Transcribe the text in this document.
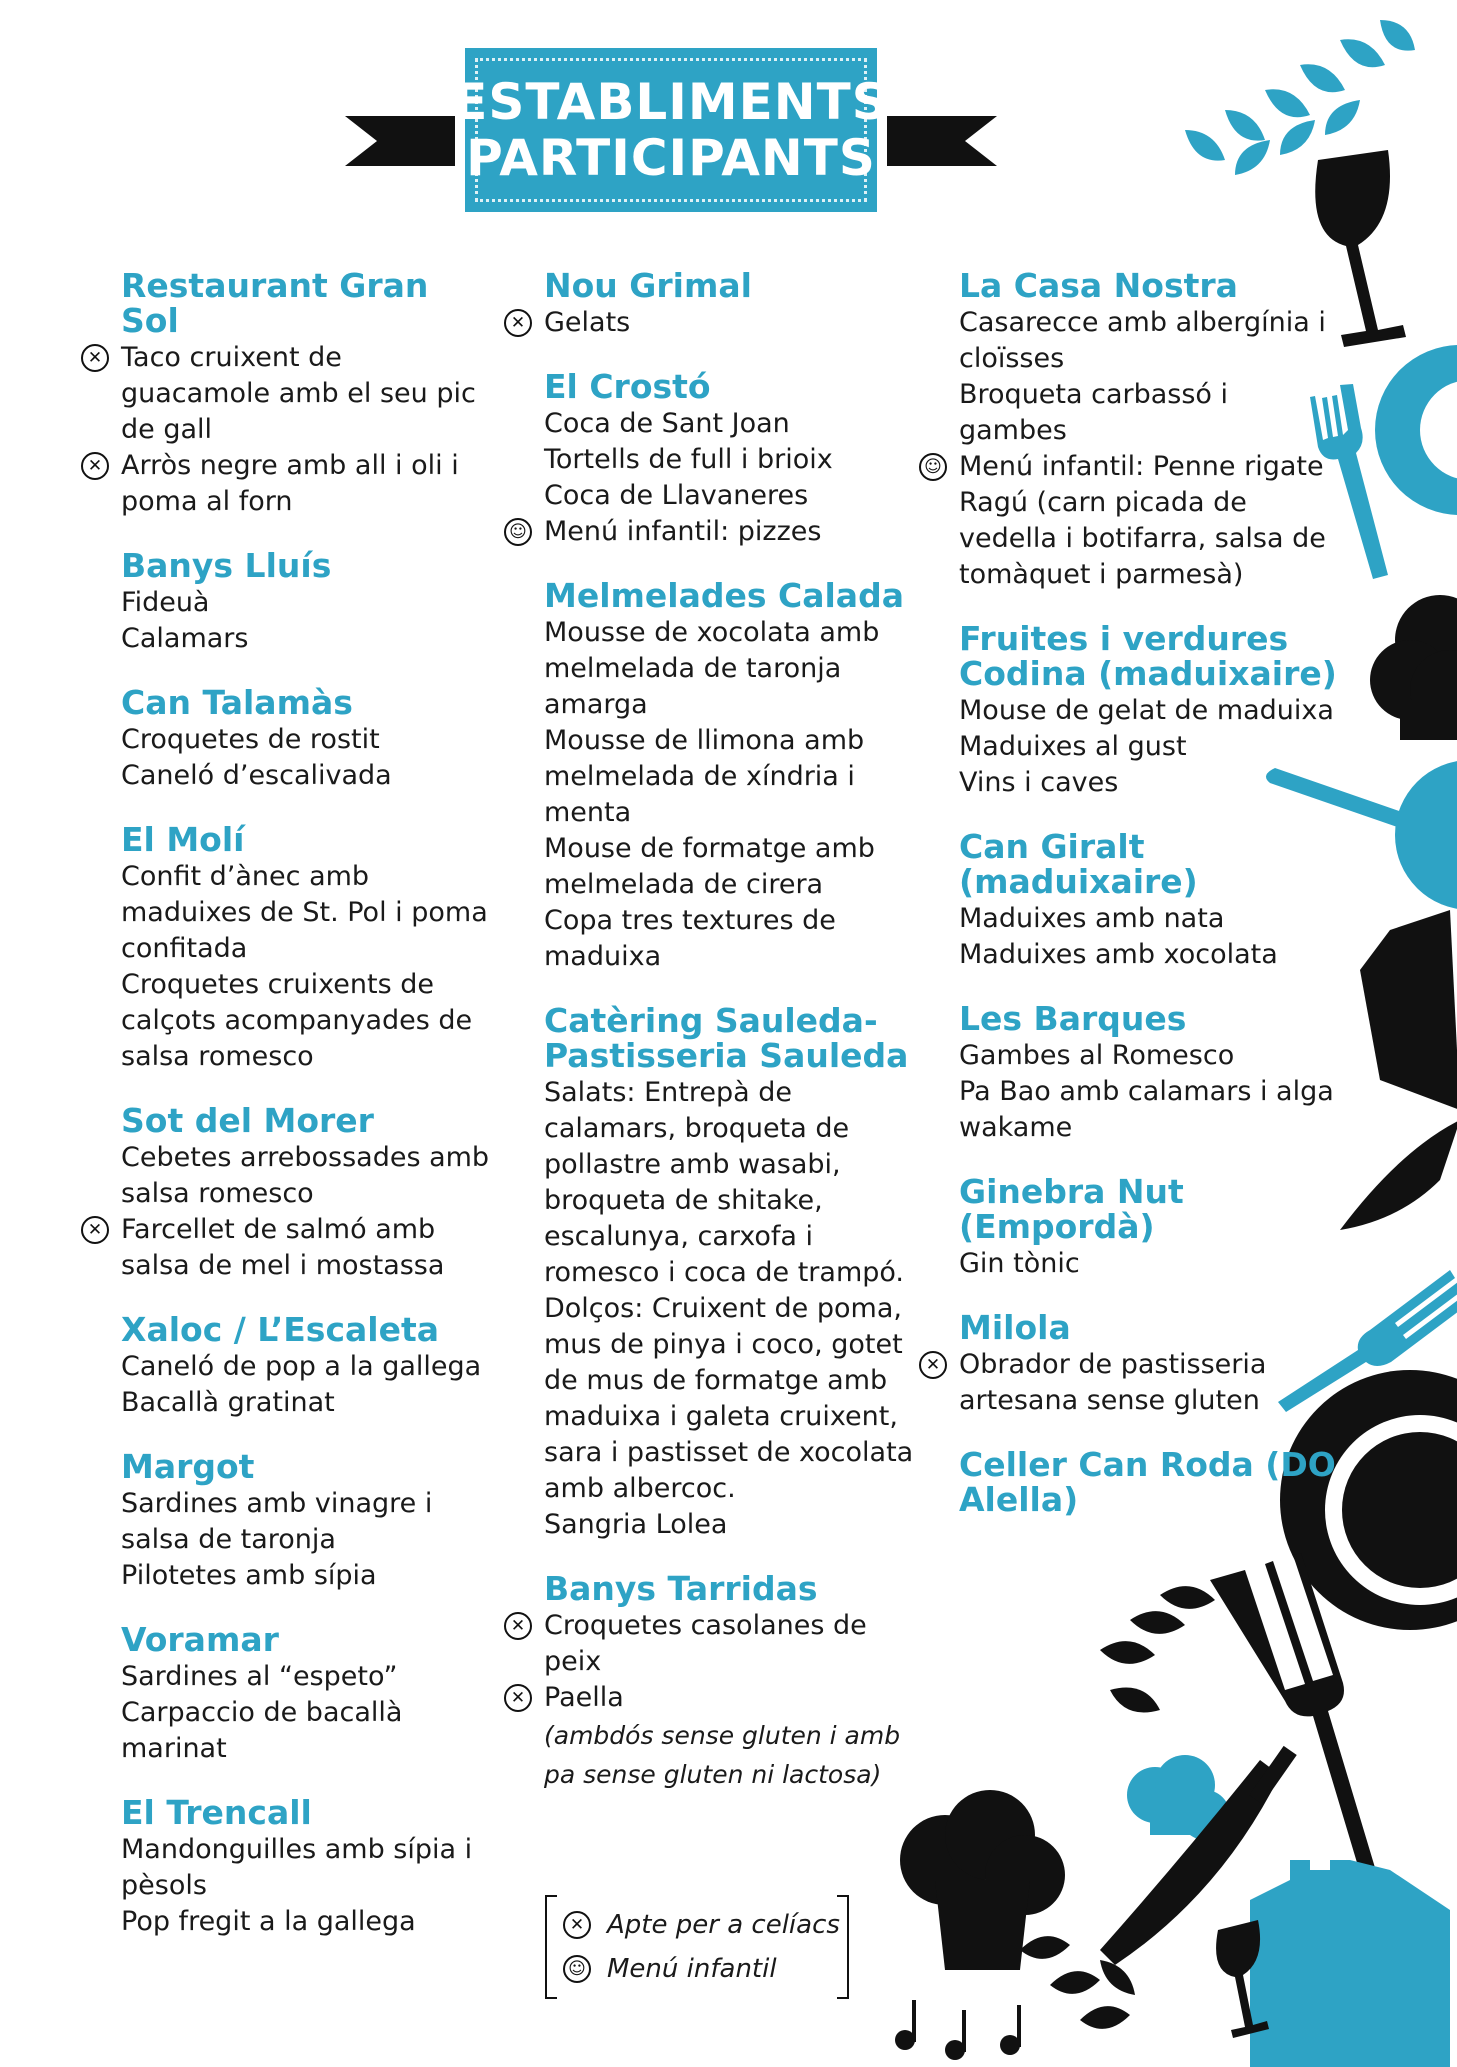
ESTABLIMENTS
PARTICIPANTS
Restaurant Gran Sol
✕ Taco cruixent de guacamole amb el seu pic de gall
✕ Arròs negre amb all i oli i poma al forn
Banys Lluís
Fideuà
Calamars
Can Talamàs
Croquetes de rostit
Caneló d’escalivada
El Molí
Confit d’ànec amb maduixes de St. Pol i poma confitada
Croquetes cruixents de calçots acompanyades de salsa romesco
Sot del Morer
Cebetes arrebossades amb salsa romesco
✕ Farcellet de salmó amb salsa de mel i mostassa
Xaloc / L’Escaleta
Caneló de pop a la gallega
Bacallà gratinat
Margot
Sardines amb vinagre i salsa de taronja
Pilotetes amb sípia
Voramar
Sardines al “espeto”
Carpaccio de bacallà marinat
El Trencall
Mandonguilles amb sípia i pèsols
Pop fregit a la gallega
Nou Grimal
✕ Gelats
El Crostó
Coca de Sant Joan
Tortells de full i brioix
Coca de Llavaneres
☺ Menú infantil: pizzes
Melmelades Calada
Mousse de xocolata amb melmelada de taronja amarga
Mousse de llimona amb melmelada de xíndria i menta
Mouse de formatge amb melmelada de cirera
Copa tres textures de maduixa
Catèring Sauleda-Pastisseria Sauleda
Salats: Entrepà de calamars, broqueta de pollastre amb wasabi, broqueta de shitake, escalunya, carxofa i romesco i coca de trampó.
Dolços: Cruixent de poma, mus de pinya i coco, gotet de mus de formatge amb maduixa i galeta cruixent, sara i pastisset de xocolata amb albercoc.
Sangria Lolea
Banys Tarridas
✕ Croquetes casolanes de peix
✕ Paella
(ambdós sense gluten i amb pa sense gluten ni lactosa)
La Casa Nostra
Casarecce amb albergínia i cloïsses
Broqueta carbassó i gambes
☺ Menú infantil: Penne rigate Ragú (carn picada de vedella i botifarra, salsa de tomàquet i parmesà)
Fruites i verdures Codina (maduixaire)
Mouse de gelat de maduixa
Maduixes al gust
Vins i caves
Can Giralt (maduixaire)
Maduixes amb nata
Maduixes amb xocolata
Les Barques
Gambes al Romesco
Pa Bao amb calamars i alga wakame
Ginebra Nut (Empordà)
Gin tònic
Milola
✕ Obrador de pastisseria artesana sense gluten
Celler Can Roda (DO Alella)
✕ Apte per a celíacs
☺ Menú infantil
